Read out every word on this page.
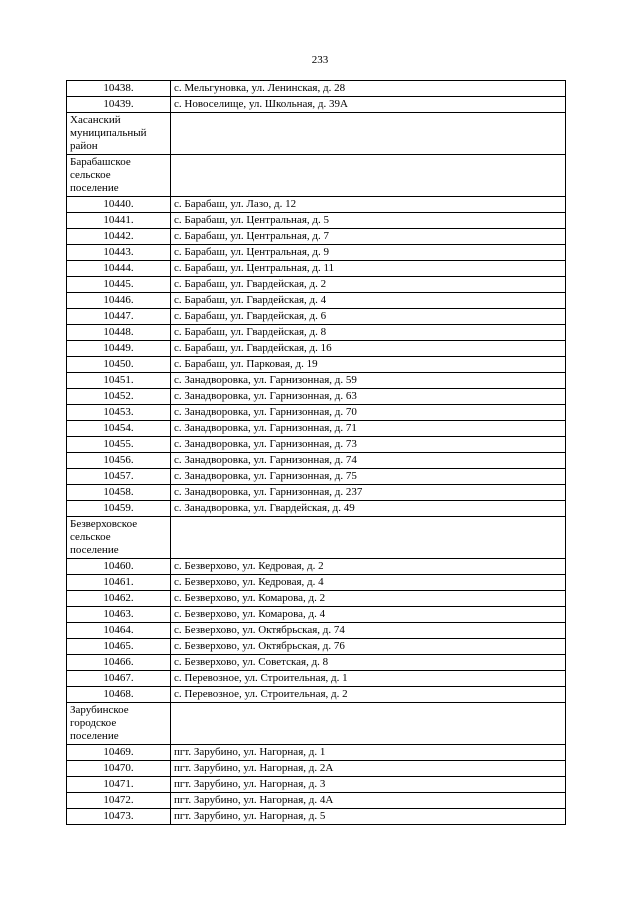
233
10438.	с. Мельгуновка, ул. Ленинская, д. 28
10439.	с. Новоселище, ул. Школьная, д. 39А
Хасанский
муниципальный
район	
Барабашское
сельское
поселение	
10440.	с. Барабаш, ул. Лазо, д. 12
10441.	с. Барабаш, ул. Центральная, д. 5
10442.	с. Барабаш, ул. Центральная, д. 7
10443.	с. Барабаш, ул. Центральная, д. 9
10444.	с. Барабаш, ул. Центральная, д. 11
10445.	с. Барабаш, ул. Гвардейская, д. 2
10446.	с. Барабаш, ул. Гвардейская, д. 4
10447.	с. Барабаш, ул. Гвардейская, д. 6
10448.	с. Барабаш, ул. Гвардейская, д. 8
10449.	с. Барабаш, ул. Гвардейская, д. 16
10450.	с. Барабаш, ул. Парковая, д. 19
10451.	с. Занадворовка, ул. Гарнизонная, д. 59
10452.	с. Занадворовка, ул. Гарнизонная, д. 63
10453.	с. Занадворовка, ул. Гарнизонная, д. 70
10454.	с. Занадворовка, ул. Гарнизонная, д. 71
10455.	с. Занадворовка, ул. Гарнизонная, д. 73
10456.	с. Занадворовка, ул. Гарнизонная, д. 74
10457.	с. Занадворовка, ул. Гарнизонная, д. 75
10458.	с. Занадворовка, ул. Гарнизонная, д. 237
10459.	с. Занадворовка, ул. Гвардейская, д. 49
Безверховское
сельское
поселение	
10460.	с. Безверхово, ул. Кедровая, д. 2
10461.	с. Безверхово, ул. Кедровая, д. 4
10462.	с. Безверхово, ул. Комарова, д. 2
10463.	с. Безверхово, ул. Комарова, д. 4
10464.	с. Безверхово, ул. Октябрьская, д. 74
10465.	с. Безверхово, ул. Октябрьская, д. 76
10466.	с. Безверхово, ул. Советская, д. 8
10467.	с. Перевозное, ул. Строительная, д. 1
10468.	с. Перевозное, ул. Строительная, д. 2
Зарубинское
городское
поселение	
10469.	пгт. Зарубино, ул. Нагорная, д. 1
10470.	пгт. Зарубино, ул. Нагорная, д. 2А
10471.	пгт. Зарубино, ул. Нагорная, д. 3
10472.	пгт. Зарубино, ул. Нагорная, д. 4А
10473.	пгт. Зарубино, ул. Нагорная, д. 5
